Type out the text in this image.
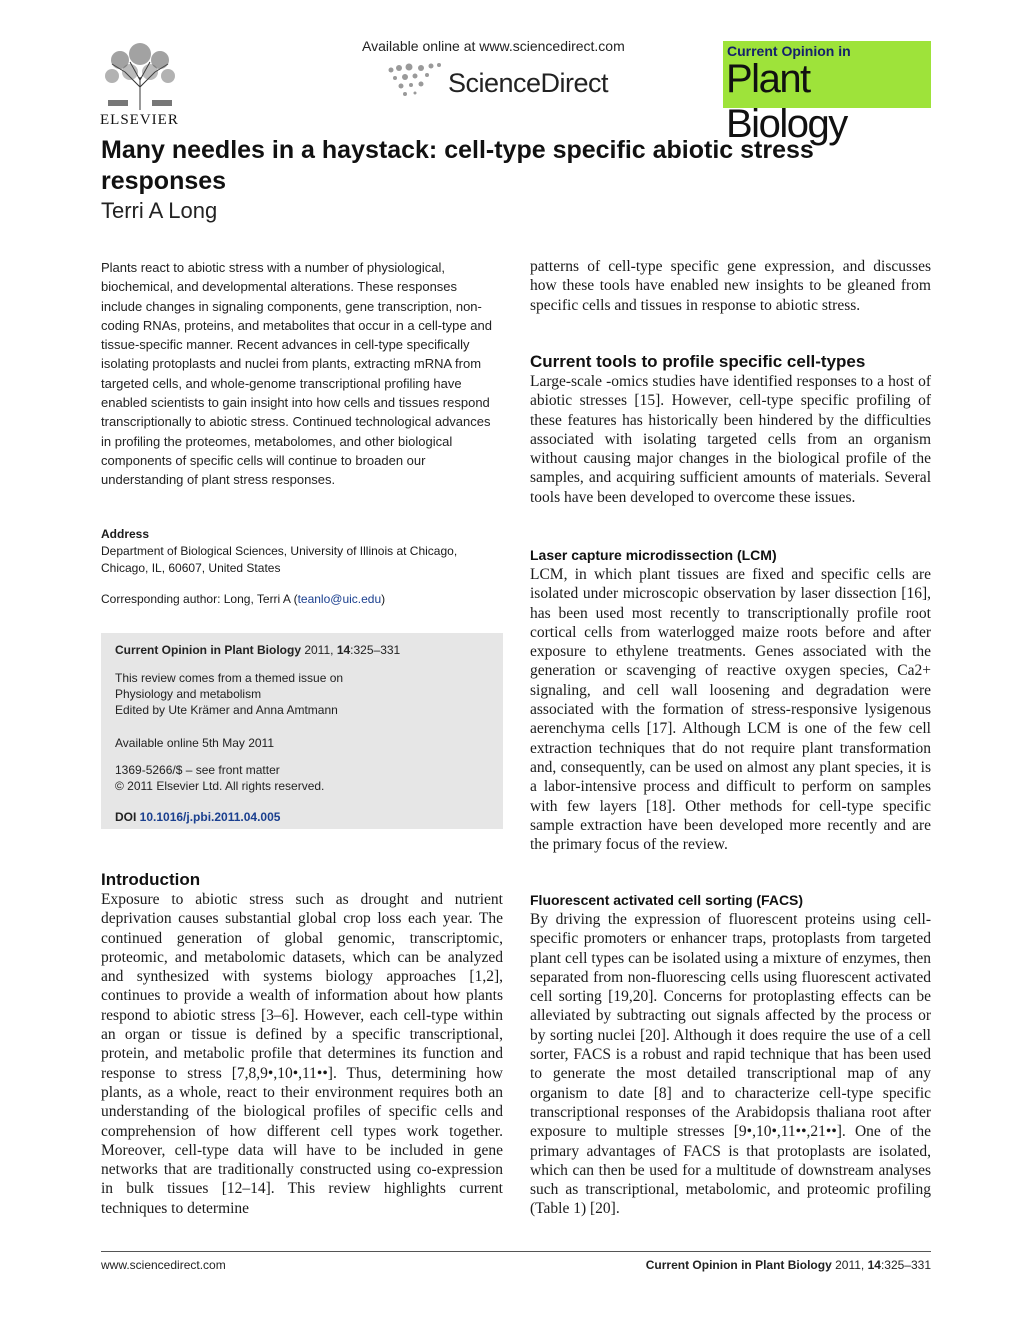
ELSEVIER
Available online at www.sciencedirect.com
ScienceDirect
Current Opinion in
Plant Biology
Many needles in a haystack: cell-type specific abiotic stress responses
Terri A Long
Plants react to abiotic stress with a number of physiological, biochemical, and developmental alterations. These responses include changes in signaling components, gene transcription, non-coding RNAs, proteins, and metabolites that occur in a cell-type and tissue-specific manner. Recent advances in cell-type specifically isolating protoplasts and nuclei from plants, extracting mRNA from targeted cells, and whole-genome transcriptional profiling have enabled scientists to gain insight into how cells and tissues respond transcriptionally to abiotic stress. Continued technological advances in profiling the proteomes, metabolomes, and other biological components of specific cells will continue to broaden our understanding of plant stress responses.
Address
Department of Biological Sciences, University of Illinois at Chicago, Chicago, IL, 60607, United States
Corresponding author: Long, Terri A (teanlo@uic.edu)
Current Opinion in Plant Biology 2011, 14:325–331
This review comes from a themed issue on
Physiology and metabolism
Edited by Ute Krämer and Anna Amtmann
Available online 5th May 2011
1369-5266/$ – see front matter
© 2011 Elsevier Ltd. All rights reserved.
DOI 10.1016/j.pbi.2011.04.005
Introduction
Exposure to abiotic stress such as drought and nutrient deprivation causes substantial global crop loss each year. The continued generation of global genomic, transcriptomic, proteomic, and metabolomic datasets, which can be analyzed and synthesized with systems biology approaches [1,2], continues to provide a wealth of information about how plants respond to abiotic stress [3–6]. However, each cell-type within an organ or tissue is defined by a specific transcriptional, protein, and metabolic profile that determines its function and response to stress [7,8,9•,10•,11••]. Thus, determining how plants, as a whole, react to their environment requires both an understanding of the biological profiles of specific cells and comprehension of how different cell types work together. Moreover, cell-type data will have to be included in gene networks that are traditionally constructed using co-expression in bulk tissues [12–14]. This review highlights current techniques to determine
patterns of cell-type specific gene expression, and discusses how these tools have enabled new insights to be gleaned from specific cells and tissues in response to abiotic stress.
Current tools to profile specific cell-types
Large-scale -omics studies have identified responses to a host of abiotic stresses [15]. However, cell-type specific profiling of these features has historically been hindered by the difficulties associated with isolating targeted cells from an organism without causing major changes in the biological profile of the samples, and acquiring sufficient amounts of materials. Several tools have been developed to overcome these issues.
Laser capture microdissection (LCM)
LCM, in which plant tissues are fixed and specific cells are isolated under microscopic observation by laser dissection [16], has been used most recently to transcriptionally profile root cortical cells from waterlogged maize roots before and after exposure to ethylene treatments. Genes associated with the generation or scavenging of reactive oxygen species, Ca2+ signaling, and cell wall loosening and degradation were associated with the formation of stress-responsive lysigenous aerenchyma cells [17]. Although LCM is one of the few cell extraction techniques that do not require plant transformation and, consequently, can be used on almost any plant species, it is a labor-intensive process and difficult to perform on samples with few layers [18]. Other methods for cell-type specific sample extraction have been developed more recently and are the primary focus of the review.
Fluorescent activated cell sorting (FACS)
By driving the expression of fluorescent proteins using cell-specific promoters or enhancer traps, protoplasts from targeted plant cell types can be isolated using a mixture of enzymes, then separated from non-fluorescing cells using fluorescent activated cell sorting [19,20]. Concerns for protoplasting effects can be alleviated by subtracting out signals affected by the process or by sorting nuclei [20]. Although it does require the use of a cell sorter, FACS is a robust and rapid technique that has been used to generate the most detailed transcriptional map of any organism to date [8] and to characterize cell-type specific transcriptional responses of the Arabidopsis thaliana root after exposure to multiple stresses [9•,10•,11••,21••]. One of the primary advantages of FACS is that protoplasts are isolated, which can then be used for a multitude of downstream analyses such as transcriptional, metabolomic, and proteomic profiling (Table 1) [20].
www.sciencedirect.com	Current Opinion in Plant Biology 2011, 14:325–331
